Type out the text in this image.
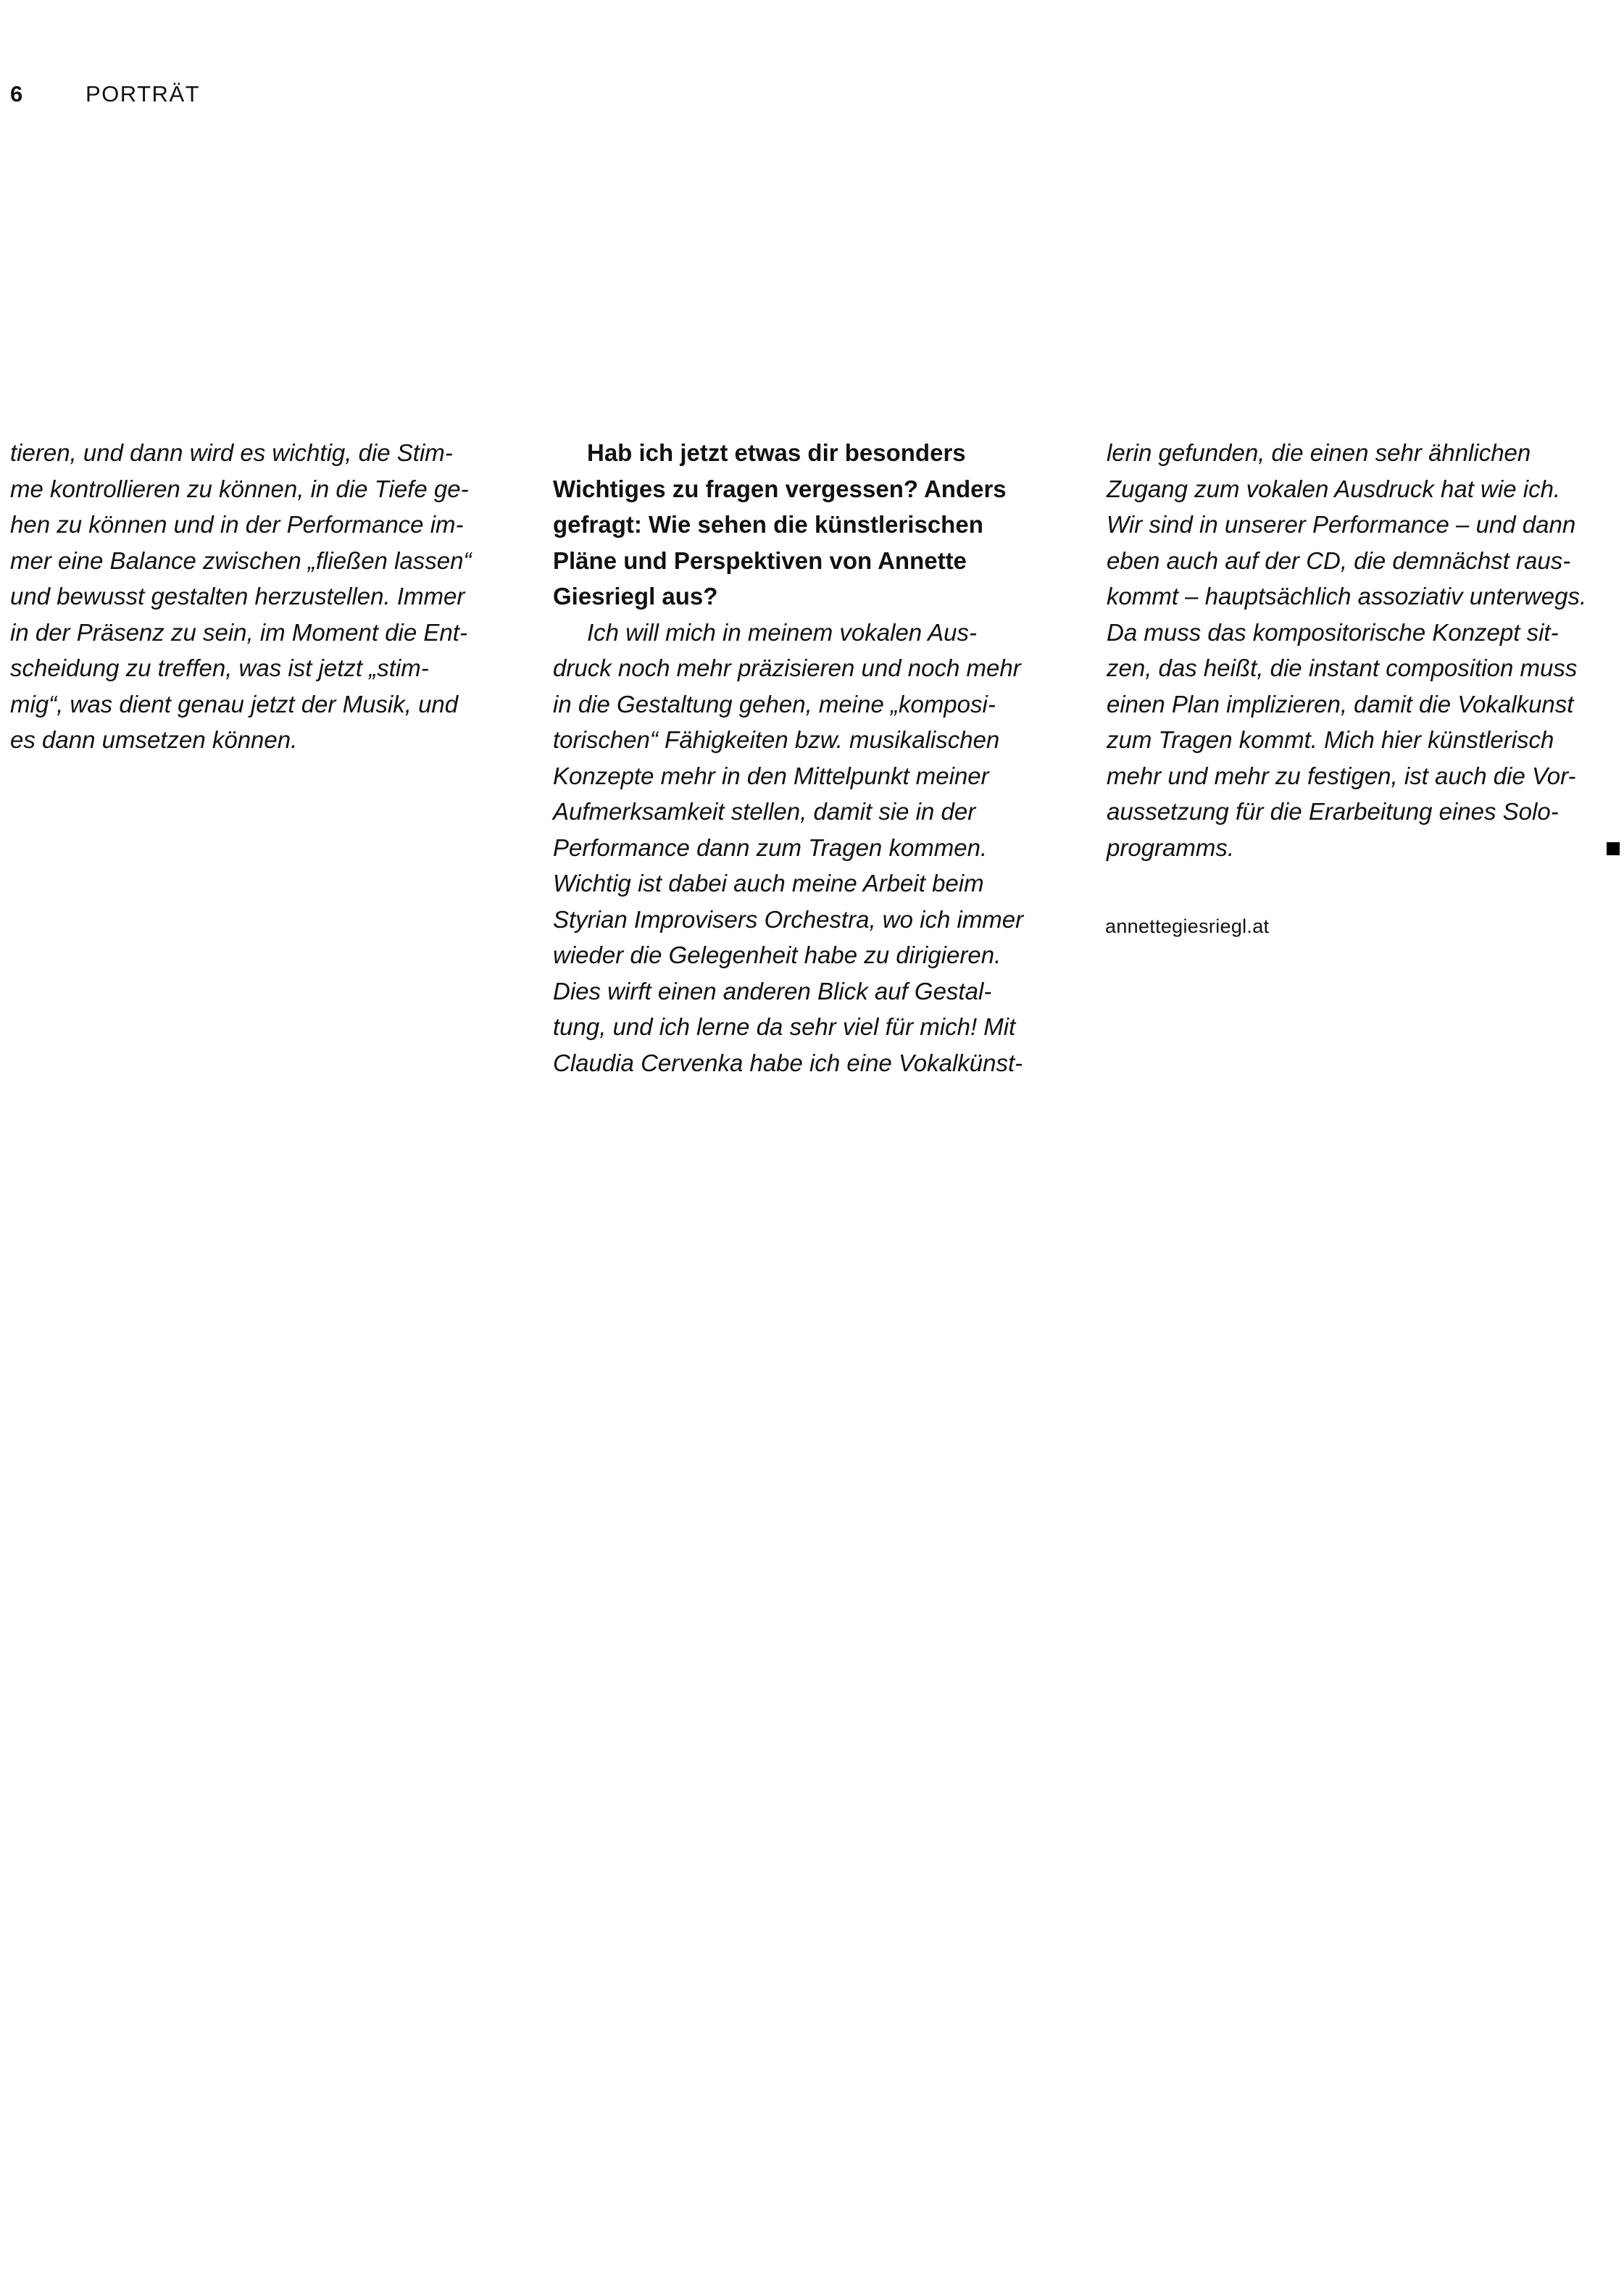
6	PORTRÄT
tieren, und dann wird es wichtig, die Stim-
me kontrollieren zu können, in die Tiefe ge-
hen zu können und in der Performance im-
mer eine Balance zwischen „fließen lassen“
und bewusst gestalten herzustellen. Immer
in der Präsenz zu sein, im Moment die Ent-
scheidung zu treffen, was ist jetzt „stim-
mig“, was dient genau jetzt der Musik, und
es dann umsetzen können.
Hab ich jetzt etwas dir besonders
Wichtiges zu fragen vergessen? Anders
gefragt: Wie sehen die künstlerischen
Pläne und Perspektiven von Annette
Giesriegl aus?
Ich will mich in meinem vokalen Aus-
druck noch mehr präzisieren und noch mehr
in die Gestaltung gehen, meine „komposi-
torischen“ Fähigkeiten bzw. musikalischen
Konzepte mehr in den Mittelpunkt meiner
Aufmerksamkeit stellen, damit sie in der
Performance dann zum Tragen kommen.
Wichtig ist dabei auch meine Arbeit beim
Styrian Improvisers Orchestra, wo ich immer
wieder die Gelegenheit habe zu dirigieren.
Dies wirft einen anderen Blick auf Gestal-
tung, und ich lerne da sehr viel für mich! Mit
Claudia Cervenka habe ich eine Vokalkünst-
lerin gefunden, die einen sehr ähnlichen
Zugang zum vokalen Ausdruck hat wie ich.
Wir sind in unserer Performance – und dann
eben auch auf der CD, die demnächst raus-
kommt – hauptsächlich assoziativ unterwegs.
Da muss das kompositorische Konzept sit-
zen, das heißt, die instant composition muss
einen Plan implizieren, damit die Vokalkunst
zum Tragen kommt. Mich hier künstlerisch
mehr und mehr zu festigen, ist auch die Vor-
aussetzung für die Erarbeitung eines Solo-
programms.
annettegiesriegl.at
